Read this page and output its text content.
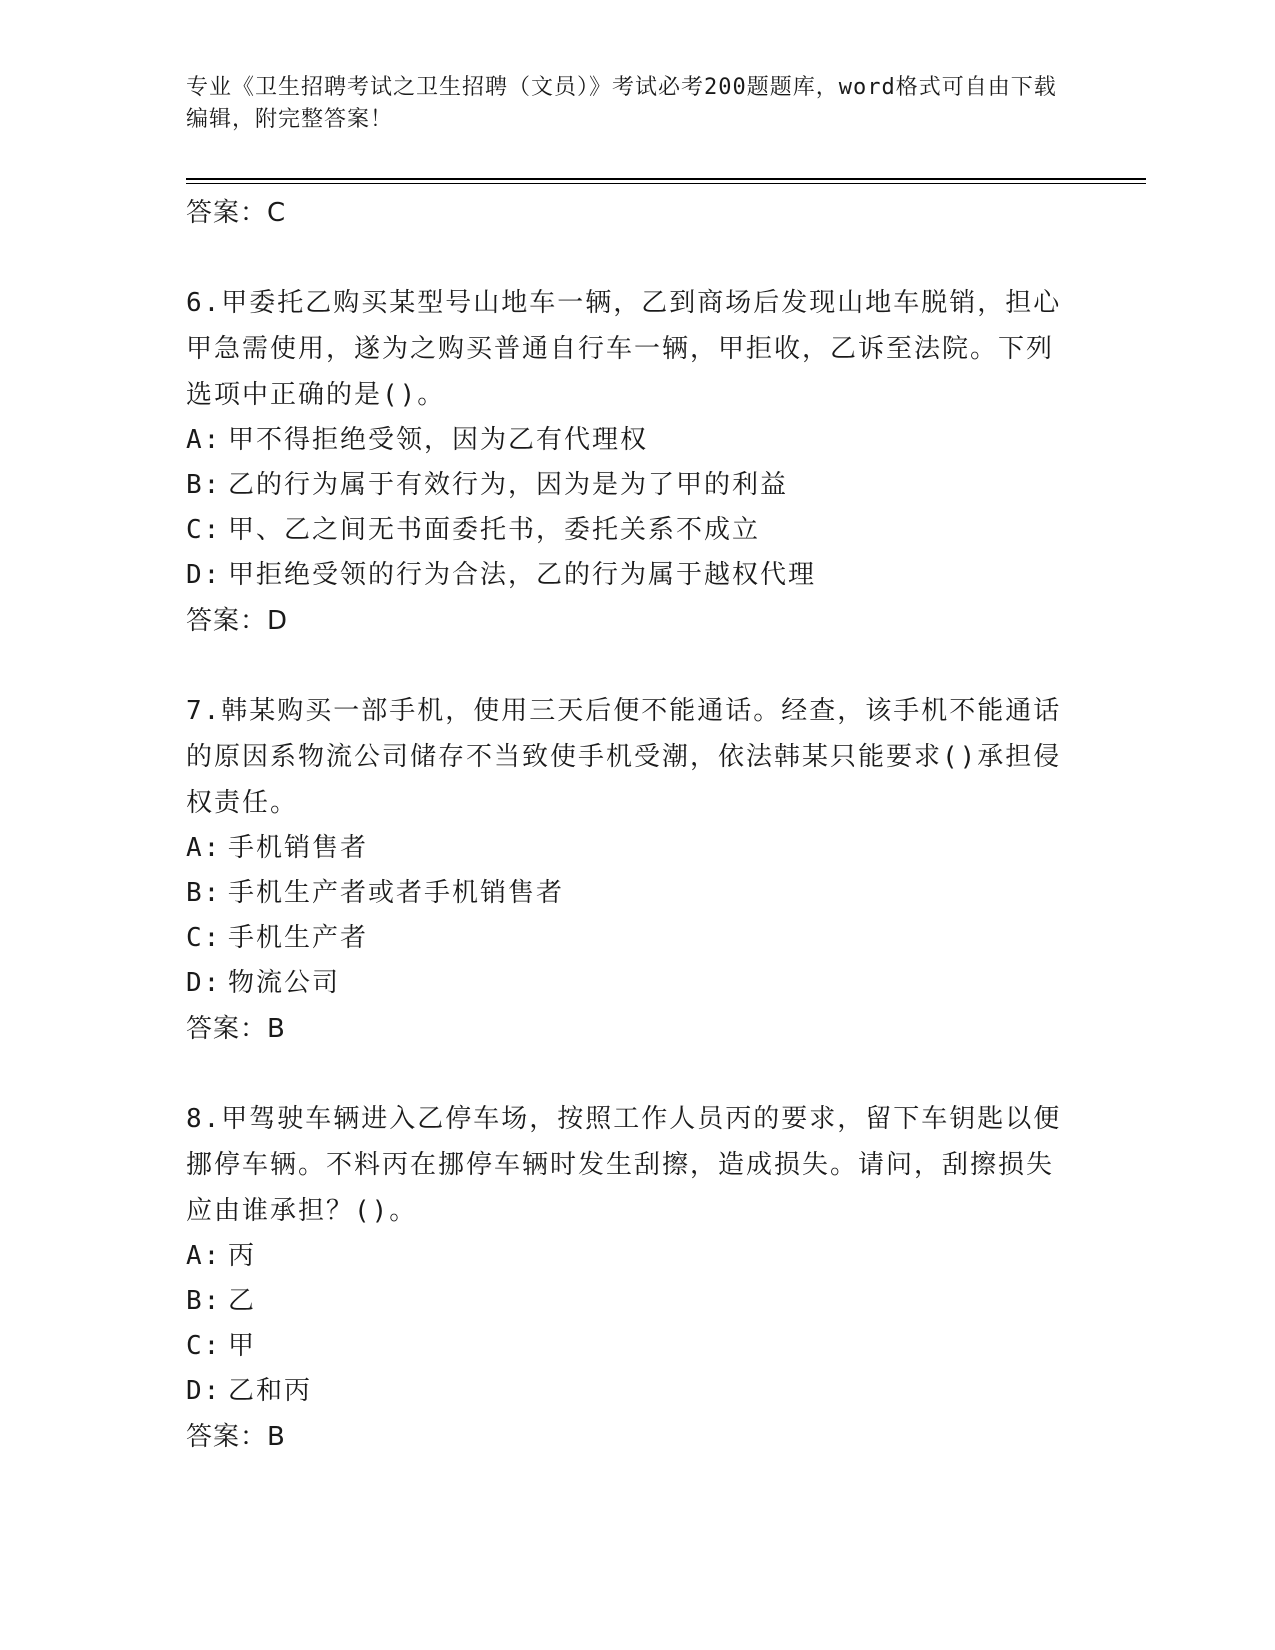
专业《卫生招聘考试之卫生招聘（文员）》考试必考200题题库，word格式可自由下载编辑，附完整答案！
答案：C

6.甲委托乙购买某型号山地车一辆，乙到商场后发现山地车脱销，担心甲急需使用，遂为之购买普通自行车一辆，甲拒收，乙诉至法院。下列选项中正确的是()。

A: 甲不得拒绝受领，因为乙有代理权
B: 乙的行为属于有效行为，因为是为了甲的利益
C: 甲、乙之间无书面委托书，委托关系不成立
D: 甲拒绝受领的行为合法，乙的行为属于越权代理
答案：D

7.韩某购买一部手机，使用三天后便不能通话。经查，该手机不能通话的原因系物流公司储存不当致使手机受潮，依法韩某只能要求()承担侵权责任。

A: 手机销售者
B: 手机生产者或者手机销售者
C: 手机生产者
D: 物流公司
答案：B

8.甲驾驶车辆进入乙停车场，按照工作人员丙的要求，留下车钥匙以便挪停车辆。不料丙在挪停车辆时发生刮擦，造成损失。请问，刮擦损失应由谁承担？()。

A: 丙
B: 乙
C: 甲
D: 乙和丙
答案：B
